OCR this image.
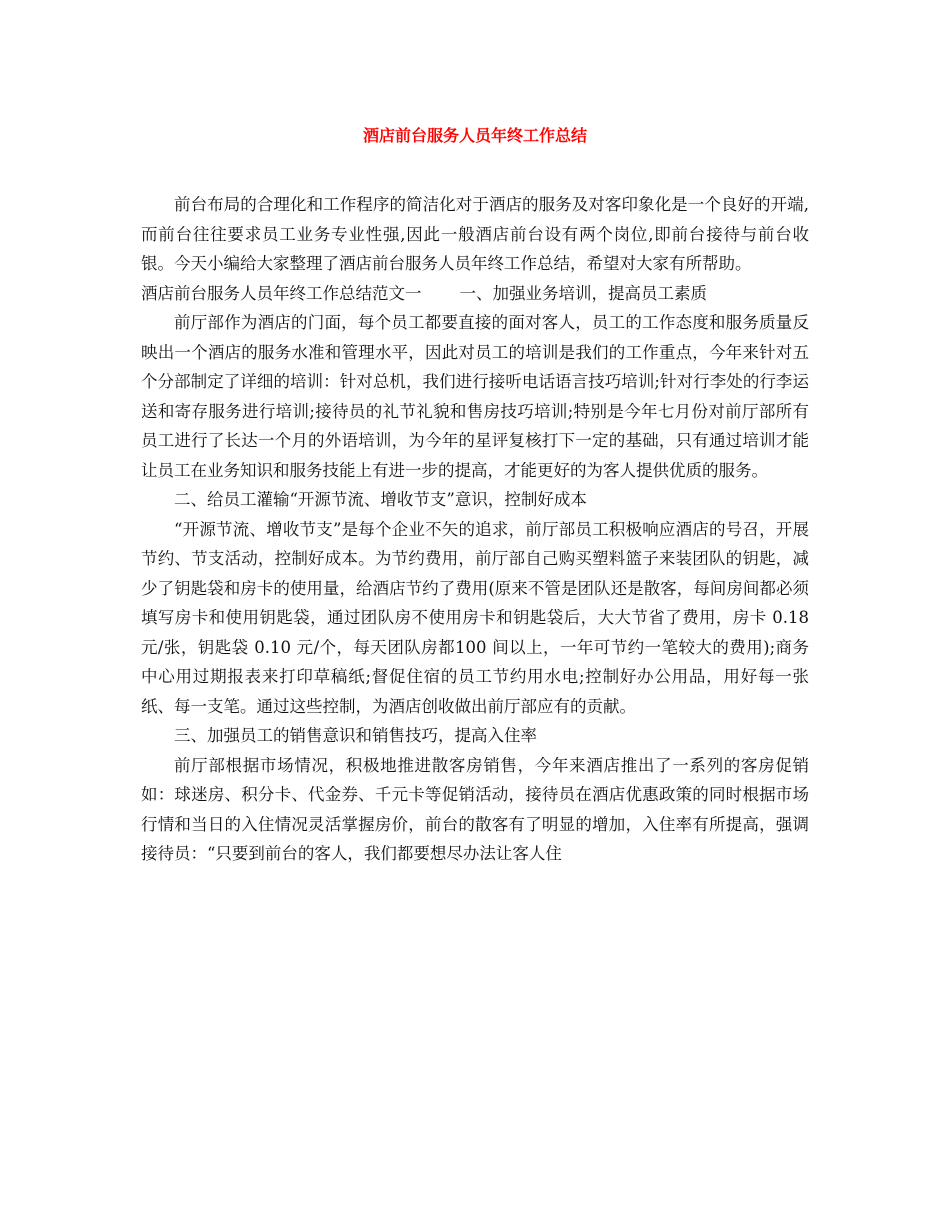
酒店前台服务人员年终工作总结

前台布局的合理化和工作程序的简洁化对于酒店的服务及对客印象化是一个良好的开端,而前台往往要求员工业务专业性强,因此一般酒店前台设有两个岗位,即前台接待与前台收银。今天小编给大家整理了酒店前台服务人员年终工作总结，希望对大家有所帮助。

酒店前台服务人员年终工作总结范文一 一、加强业务培训，提高员工素质

前厅部作为酒店的门面，每个员工都要直接的面对客人，员工的工作态度和服务质量反映出一个酒店的服务水准和管理水平，因此对员工的培训是我们的工作重点，今年来针对五个分部制定了详细的培训：针对总机，我们进行接听电话语言技巧培训;针对行李处的行李运送和寄存服务进行培训;接待员的礼节礼貌和售房技巧培训;特别是今年七月份对前厅部所有员工进行了长达一个月的外语培训，为今年的星评复核打下一定的基础，只有通过培训才能让员工在业务知识和服务技能上有进一步的提高，才能更好的为客人提供优质的服务。

二、给员工灌输“开源节流、增收节支”意识，控制好成本

“开源节流、增收节支”是每个企业不矢的追求，前厅部员工积极响应酒店的号召，开展节约、节支活动，控制好成本。为节约费用，前厅部自己购买塑料篮子来装团队的钥匙，减少了钥匙袋和房卡的使用量，给酒店节约了费用(原来不管是团队还是散客，每间房间都必须填写房卡和使用钥匙袋，通过团队房不使用房卡和钥匙袋后，大大节省了费用，房卡 0.18 元/张，钥匙袋 0.10 元/个，每天团队房都100 间以上，一年可节约一笔较大的费用);商务中心用过期报表来打印草稿纸;督促住宿的员工节约用水电;控制好办公用品，用好每一张纸、每一支笔。通过这些控制，为酒店创收做出前厅部应有的贡献。

三、加强员工的销售意识和销售技巧，提高入住率

前厅部根据市场情况，积极地推进散客房销售，今年来酒店推出了一系列的客房促销如：球迷房、积分卡、代金券、千元卡等促销活动，接待员在酒店优惠政策的同时根据市场行情和当日的入住情况灵活掌握房价，前台的散客有了明显的增加，入住率有所提高，强调接待员：“只要到前台的客人，我们都要想尽办法让客人住
